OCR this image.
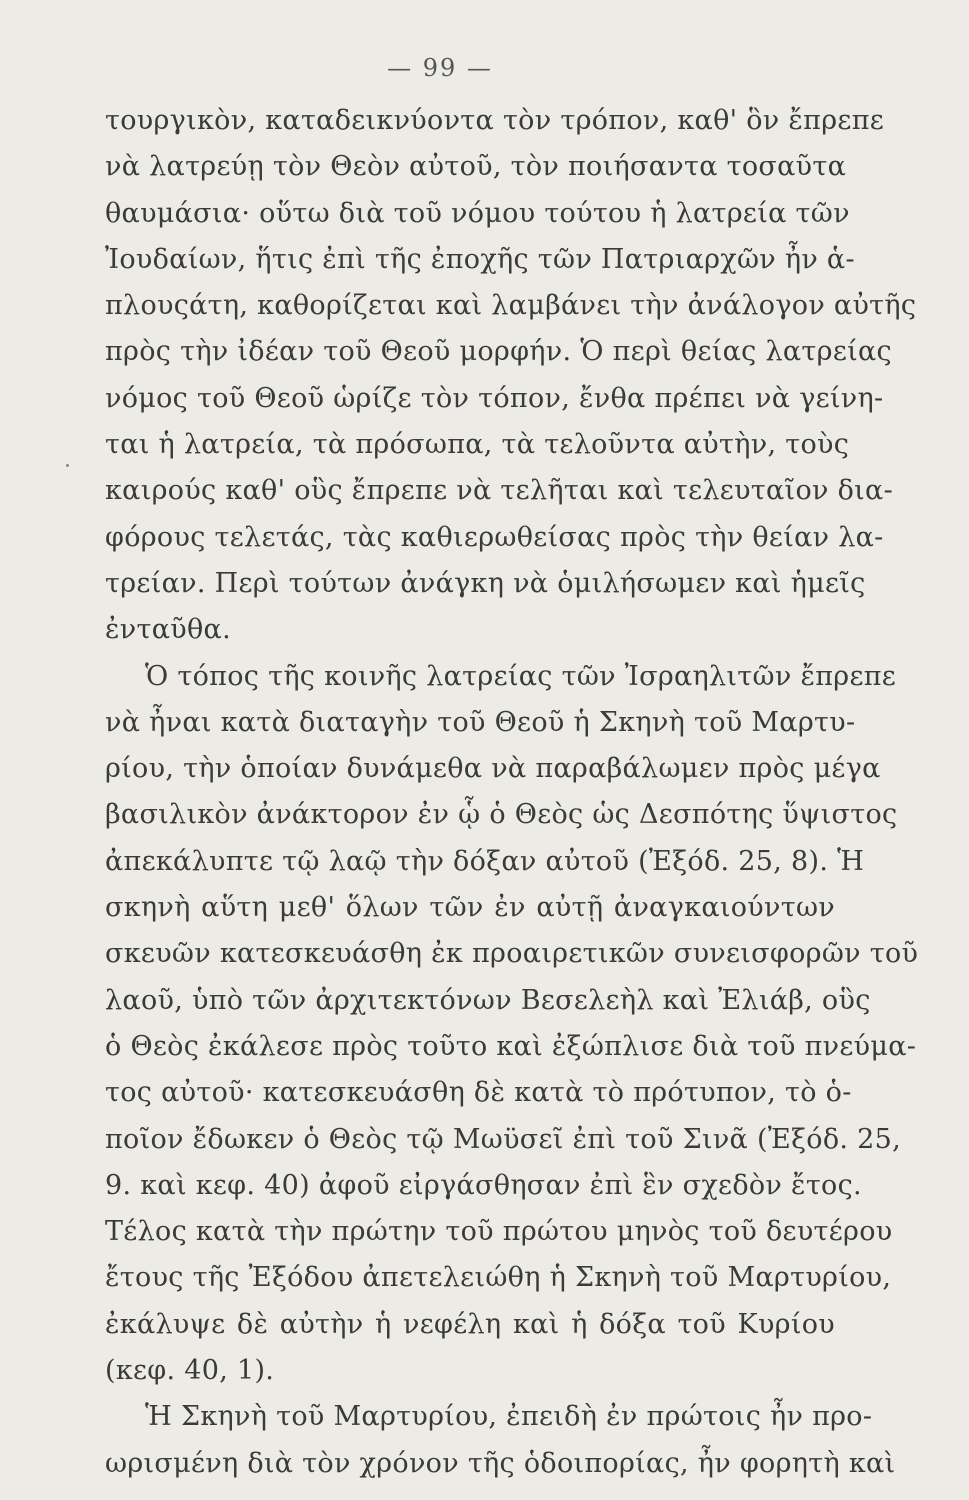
— 99 —
τουργικὸν, καταδεικνύοντα τὸν τρόπον, καθ' ὃν ἔπρεπε
νὰ λατρεύῃ τὸν Θεὸν αὐτοῦ, τὸν ποιήσαντα τοσαῦτα
θαυμάσια· οὕτω διὰ τοῦ νόμου τούτου ἡ λατρεία τῶν
Ἰουδαίων, ἥτις ἐπὶ τῆς ἐποχῆς τῶν Πατριαρχῶν ἦν ἁ-
πλουςάτη, καθορίζεται καὶ λαμβάνει τὴν ἀνάλογον αὐτῆς
πρὸς τὴν ἰδέαν τοῦ Θεοῦ μορφήν. Ὁ περὶ θείας λατρείας
νόμος τοῦ Θεοῦ ὡρίζε τὸν τόπον, ἔνθα πρέπει νὰ γείνη-
ται ἡ λατρεία, τὰ πρόσωπα, τὰ τελοῦντα αὐτὴν, τοὺς
καιρούς καθ' οὓς ἔπρεπε νὰ τελῆται καὶ τελευταῖον δια-
φόρους τελετάς, τὰς καθιερωθείσας πρὸς τὴν θείαν λα-
τρείαν. Περὶ τούτων ἀνάγκη νὰ ὁμιλήσωμεν καὶ ἡμεῖς
ἐνταῦθα.
Ὁ τόπος τῆς κοινῆς λατρείας τῶν Ἰσραηλιτῶν ἔπρεπε
νὰ ἦναι κατὰ διαταγὴν τοῦ Θεοῦ ἡ Σκηνὴ τοῦ Μαρτυ-
ρίου, τὴν ὁποίαν δυνάμεθα νὰ παραβάλωμεν πρὸς μέγα
βασιλικὸν ἀνάκτορον ἐν ᾧ ὁ Θεὸς ὡς Δεσπότης ὕψιστος
ἀπεκάλυπτε τῷ λαῷ τὴν δόξαν αὐτοῦ (Ἐξόδ. 25, 8). Ἡ
σκηνὴ αὕτη μεθ' ὅλων τῶν ἐν αὐτῇ ἀναγκαιούντων
σκευῶν κατεσκευάσθη ἐκ προαιρετικῶν συνεισφορῶν τοῦ
λαοῦ, ὑπὸ τῶν ἀρχιτεκτόνων Βεσελεὴλ καὶ Ἐλιάβ, οὓς
ὁ Θεὸς ἐκάλεσε πρὸς τοῦτο καὶ ἐξώπλισε διὰ τοῦ πνεύμα-
τος αὐτοῦ· κατεσκευάσθη δὲ κατὰ τὸ πρότυπον, τὸ ὁ-
ποῖον ἔδωκεν ὁ Θεὸς τῷ Μωϋσεῖ ἐπὶ τοῦ Σινᾶ (Ἐξόδ. 25,
9. καὶ κεφ. 40) ἀφοῦ εἰργάσθησαν ἐπὶ ἓν σχεδὸν ἔτος.
Τέλος κατὰ τὴν πρώτην τοῦ πρώτου μηνὸς τοῦ δευτέρου
ἔτους τῆς Ἐξόδου ἀπετελειώθη ἡ Σκηνὴ τοῦ Μαρτυρίου,
ἐκάλυψε δὲ αὐτὴν ἡ νεφέλη καὶ ἡ δόξα τοῦ Κυρίου
(κεφ. 40, 1).
Ἡ Σκηνὴ τοῦ Μαρτυρίου, ἐπειδὴ ἐν πρώτοις ἦν προ-
ωρισμένη διὰ τὸν χρόνον τῆς ὁδοιπορίας, ἦν φορητὴ καὶ
